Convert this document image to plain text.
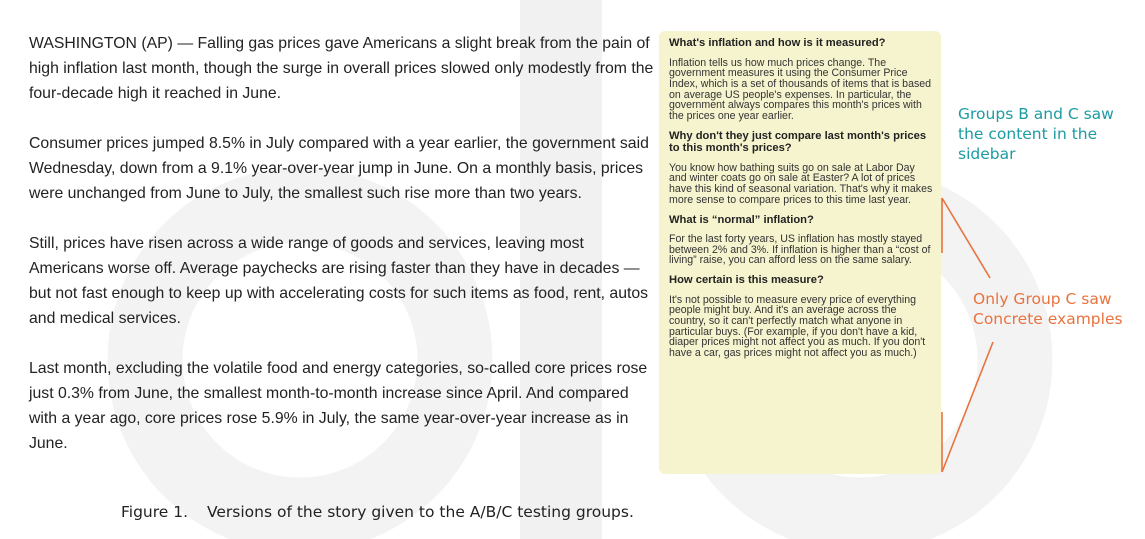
WASHINGTON (AP) — Falling gas prices gave Americans a slight break from the pain of high inflation last month, though the surge in overall prices slowed only modestly from the four-decade high it reached in June.

Consumer prices jumped 8.5% in July compared with a year earlier, the government said Wednesday, down from a 9.1% year-over-year jump in June. On a monthly basis, prices were unchanged from June to July, the smallest such rise more than two years.

Still, prices have risen across a wide range of goods and services, leaving most Americans worse off. Average paychecks are rising faster than they have in decades — but not fast enough to keep up with accelerating costs for such items as food, rent, autos and medical services.

Last month, excluding the volatile food and energy categories, so-called core prices rose just 0.3% from June, the smallest month-to-month increase since April. And compared with a year ago, core prices rose 5.9% in July, the same year-over-year increase as in June.

What's inflation and how is it measured?

Inflation tells us how much prices change. The government measures it using the Consumer Price Index, which is a set of thousands of items that is based on average US people's expenses. In particular, the government always compares this month's prices with the prices one year earlier.

Why don't they just compare last month's prices to this month's prices?

You know how bathing suits go on sale at Labor Day and winter coats go on sale at Easter? A lot of prices have this kind of seasonal variation. That's why it makes more sense to compare prices to this time last year.

What is “normal” inflation?

For the last forty years, US inflation has mostly stayed between 2% and 3%. If inflation is higher than a “cost of living” raise, you can afford less on the same salary.

How certain is this measure?

It's not possible to measure every price of everything people might buy. And it's an average across the country, so it can't perfectly match what anyone in particular buys. (For example, if you don't have a kid, diaper prices might not affect you as much. If you don't have a car, gas prices might not affect you as much.)

Groups B and C saw the content in the sidebar

Only Group C saw Concrete examples

Figure 1. Versions of the story given to the A/B/C testing groups.
